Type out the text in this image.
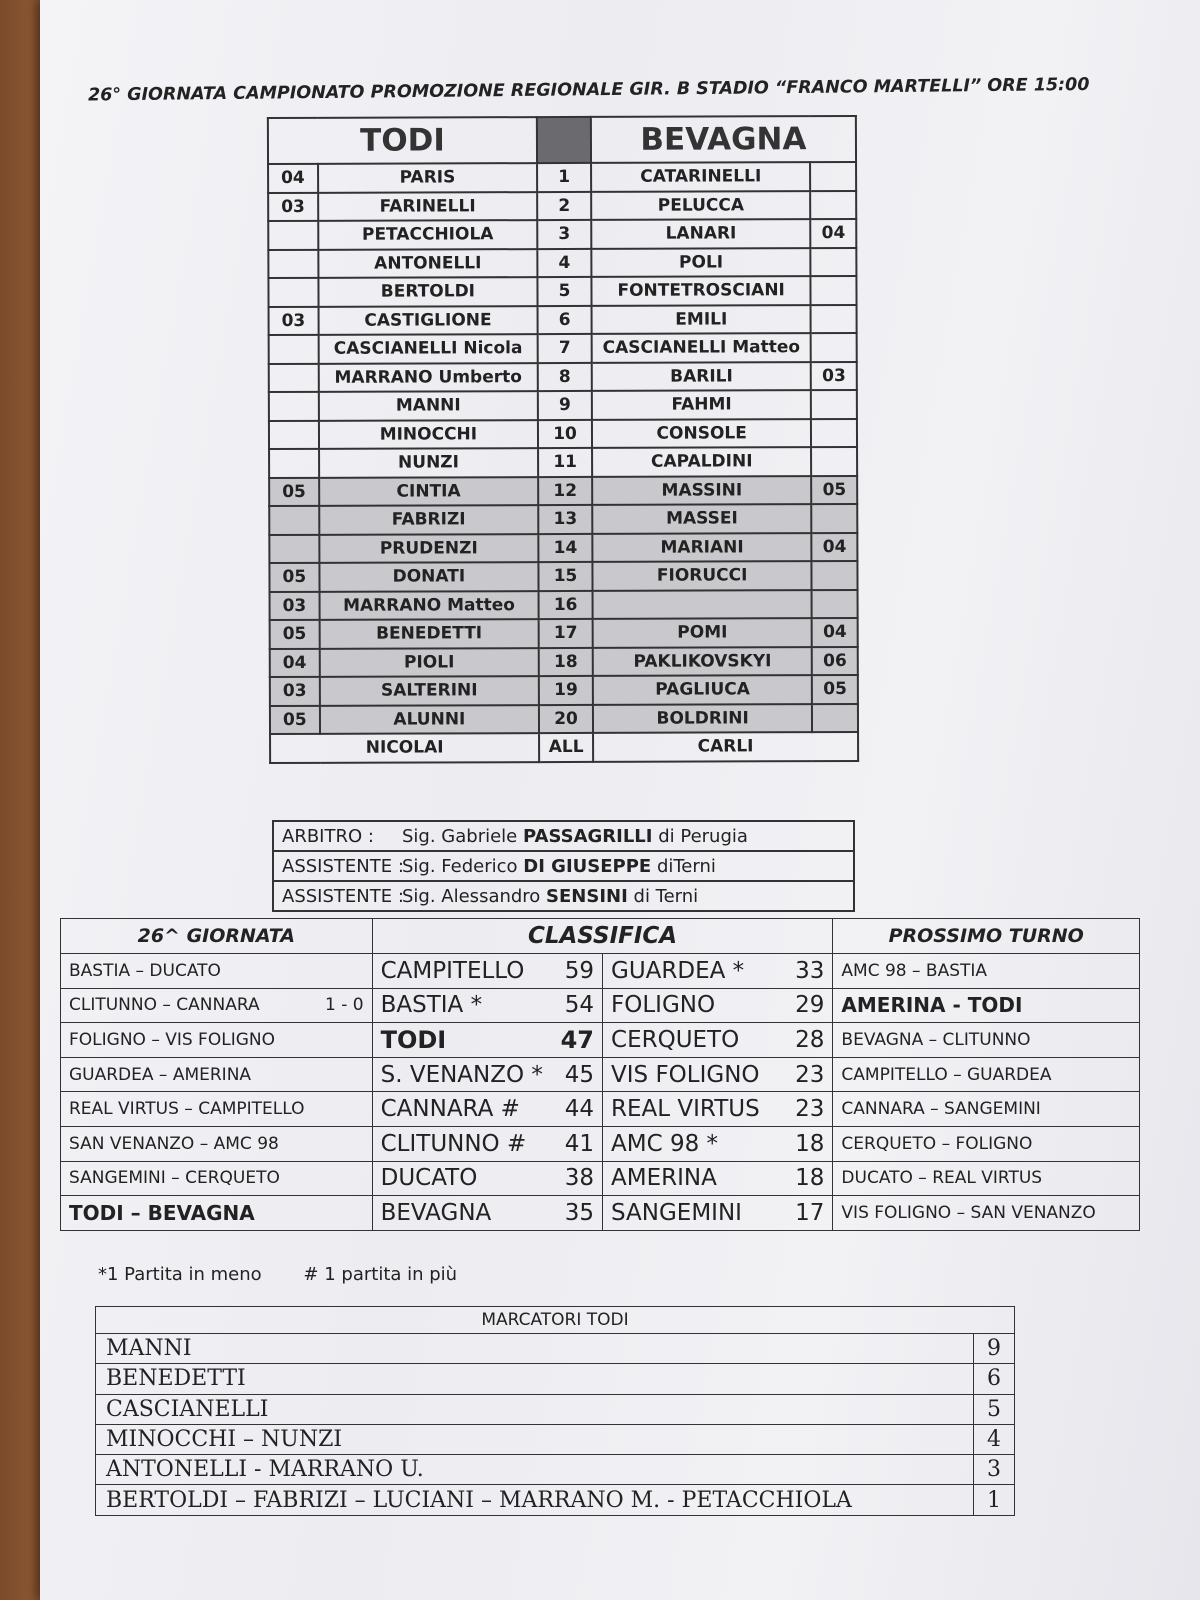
26° GIORNATA CAMPIONATO PROMOZIONE REGIONALE GIR. B STADIO “FRANCO MARTELLI” ORE 15:00
TODI			BEVAGNA	
04	PARIS	1	CATARINELLI	
03	FARINELLI	2	PELUCCA	
	PETACCHIOLA	3	LANARI	04
	ANTONELLI	4	POLI	
	BERTOLDI	5	FONTETROSCIANI	
03	CASTIGLIONE	6	EMILI	
	CASCIANELLI Nicola	7	CASCIANELLI Matteo	
	MARRANO Umberto	8	BARILI	03
	MANNI	9	FAHMI	
	MINOCCHI	10	CONSOLE	
	NUNZI	11	CAPALDINI	
05	CINTIA	12	MASSINI	05
	FABRIZI	13	MASSEI	
	PRUDENZI	14	MARIANI	04
05	DONATI	15	FIORUCCI	
03	MARRANO Matteo	16		
05	BENEDETTI	17	POMI	04
04	PIOLI	18	PAKLIKOVSKYI	06
03	SALTERINI	19	PAGLIUCA	05
05	ALUNNI	20	BOLDRINI	
NICOLAI		ALL	CARLI	
ARBITRO : Sig. Gabriele PASSAGRILLI di Perugia
ASSISTENTE :Sig. Federico DI GIUSEPPE diTerni
ASSISTENTE :Sig. Alessandro SENSINI di Terni
26^ GIORNATA	CLASSIFICA		PROSSIMO TURNO
BASTIA – DUCATO	CAMPITELLO 59	GUARDEA * 33	AMC 98 – BASTIA
CLITUNNO – CANNARA 1 - 0	BASTIA * 54	FOLIGNO 29	AMERINA - TODI
FOLIGNO – VIS FOLIGNO	TODI 47	CERQUETO 28	BEVAGNA – CLITUNNO
GUARDEA – AMERINA	S. VENANZO * 45	VIS FOLIGNO 23	CAMPITELLO – GUARDEA
REAL VIRTUS – CAMPITELLO	CANNARA # 44	REAL VIRTUS 23	CANNARA – SANGEMINI
SAN VENANZO – AMC 98	CLITUNNO # 41	AMC 98 * 18	CERQUETO – FOLIGNO
SANGEMINI – CERQUETO	DUCATO 38	AMERINA 18	DUCATO – REAL VIRTUS
TODI – BEVAGNA	BEVAGNA 35	SANGEMINI 17	VIS FOLIGNO – SAN VENANZO
*1 Partita in meno # 1 partita in più
MARCATORI TODI	
MANNI	9
BENEDETTI	6
CASCIANELLI	5
MINOCCHI – NUNZI	4
ANTONELLI - MARRANO U.	3
BERTOLDI – FABRIZI – LUCIANI – MARRANO M. - PETACCHIOLA	1
